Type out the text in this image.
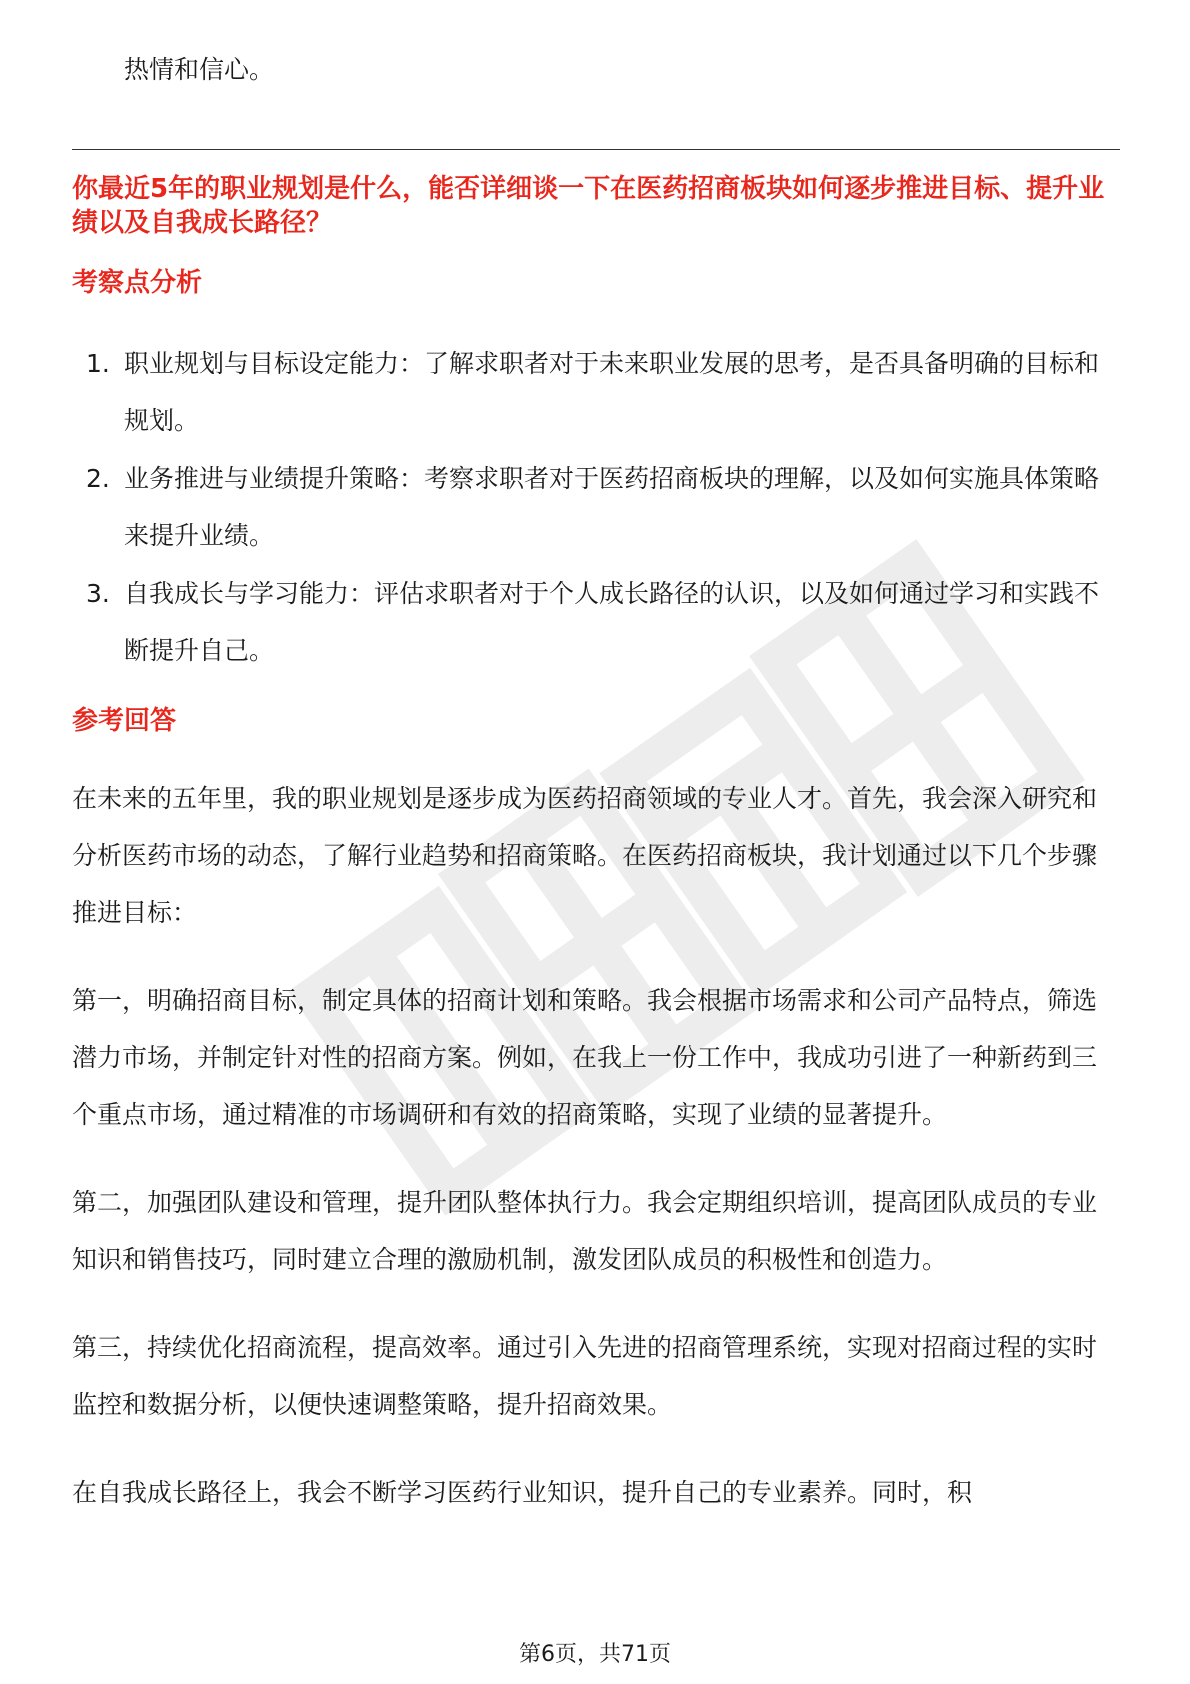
热情和信心。

你最近5年的职业规划是什么，能否详细谈一下在医药招商板块如何逐步推进目标、提升业绩以及自我成长路径？
考察点分析
1. 职业规划与目标设定能力：了解求职者对于未来职业发展的思考，是否具备明确的目标和规划。
2. 业务推进与业绩提升策略：考察求职者对于医药招商板块的理解，以及如何实施具体策略来提升业绩。
3. 自我成长与学习能力：评估求职者对于个人成长路径的认识，以及如何通过学习和实践不断提升自己。
参考回答

在未来的五年里，我的职业规划是逐步成为医药招商领域的专业人才。首先，我会深入研究和分析医药市场的动态，了解行业趋势和招商策略。在医药招商板块，我计划通过以下几个步骤推进目标：

第一，明确招商目标，制定具体的招商计划和策略。我会根据市场需求和公司产品特点，筛选潜力市场，并制定针对性的招商方案。例如，在我上一份工作中，我成功引进了一种新药到三个重点市场，通过精准的市场调研和有效的招商策略，实现了业绩的显著提升。

第二，加强团队建设和管理，提升团队整体执行力。我会定期组织培训，提高团队成员的专业知识和销售技巧，同时建立合理的激励机制，激发团队成员的积极性和创造力。

第三，持续优化招商流程，提高效率。通过引入先进的招商管理系统，实现对招商过程的实时监控和数据分析，以便快速调整策略，提升招商效果。

在自我成长路径上，我会不断学习医药行业知识，提升自己的专业素养。同时，积

第6页，共71页
